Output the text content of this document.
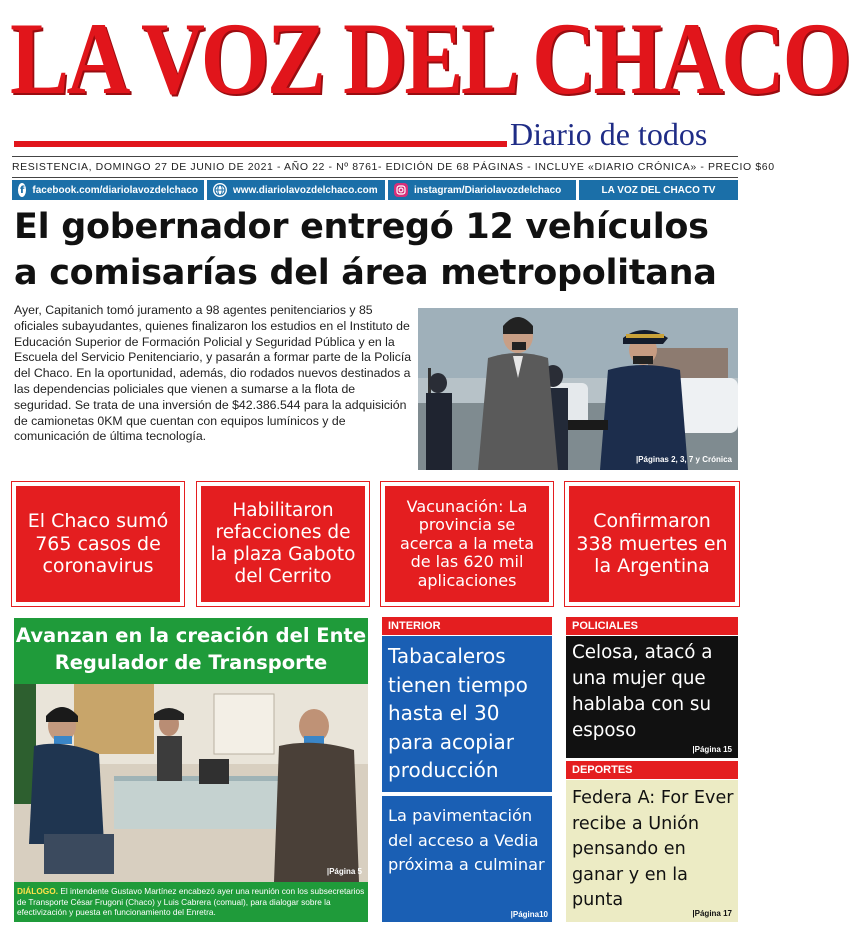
LA VOZ DEL CHACO
Diario de todos
RESISTENCIA, DOMINGO 27 DE JUNIO DE 2021 - AÑO 22 - Nº 8761- EDICIÓN DE 68 PÁGINAS - INCLUYE «DIARIO CRÓNICA» - PRECIO $60
f facebook.com/diariolavozdelchaco	www.diariolavozdelchaco.com	instagram/Diariolavozdelchaco	LA VOZ DEL CHACO TV
El gobernador entregó 12 vehículos
a comisarías del área metropolitana
Ayer, Capitanich tomó juramento a 98 agentes penitenciarios y 85 oficiales subayudantes, quienes finalizaron los estudios en el Instituto de Educación Superior de Formación Policial y Seguridad Pública y en la Escuela del Servicio Penitenciario, y pasarán a formar parte de la Policía del Chaco. En la oportunidad, además, dio rodados nuevos destinados a las dependencias policiales que vienen a sumarse a la flota de seguridad. Se trata de una inversión de $42.386.544 para la adquisición de camionetas 0KM que cuentan con equipos lumínicos y de comunicación de última tecnología.
|Páginas 2, 3, 7 y Crónica
El Chaco sumó 765 casos de coronavirus
Habilitaron refacciones de la plaza Gaboto del Cerrito
Vacunación: La provincia se acerca a la meta de las 620 mil aplicaciones
Confirmaron 338 muertes en la Argentina
Avanzan en la creación del Ente Regulador de Transporte
|Página 5
DIÁLOGO. El intendente Gustavo Martínez encabezó ayer una reunión con los subsecretarios de Transporte César Frugoni (Chaco) y Luis Cabrera (comual), para dialogar sobre la efectivización y puesta en funcionamiento del Enretra.
INTERIOR
Tabacaleros tienen tiempo hasta el 30 para acopiar producción
La pavimentación del acceso a Vedia próxima a culminar
|Página10
POLICIALES
Celosa, atacó a una mujer que hablaba con su esposo
|Página 15
DEPORTES
Federa A: For Ever recibe a Unión pensando en ganar y en la punta
|Página 17
